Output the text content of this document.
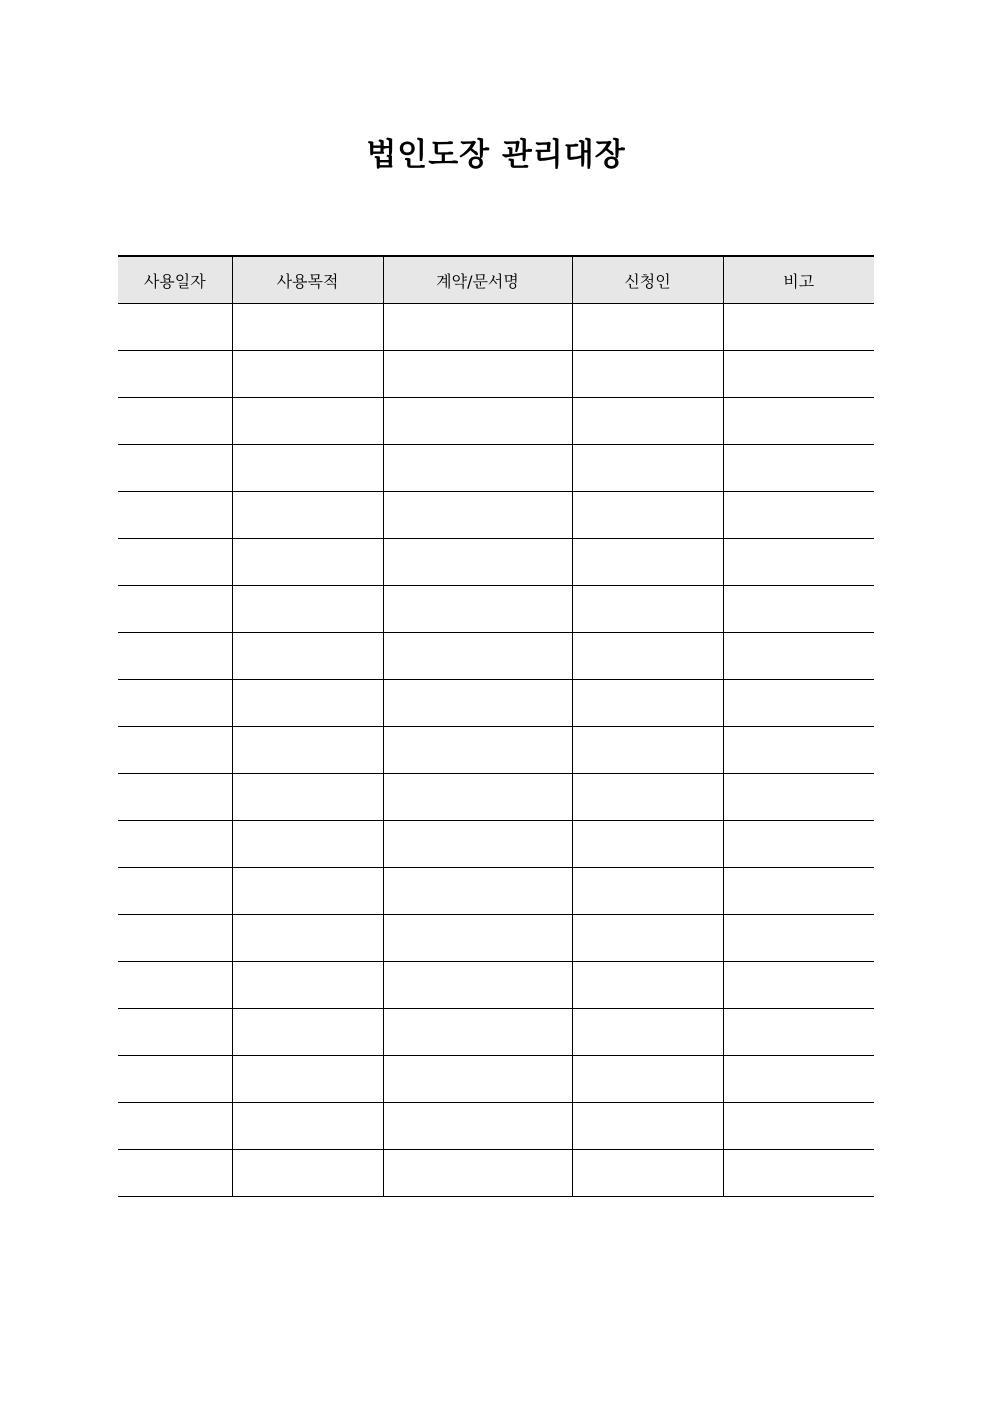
법인도장 관리대장
사용일자	사용목적	계약/문서명	신청인	비고
